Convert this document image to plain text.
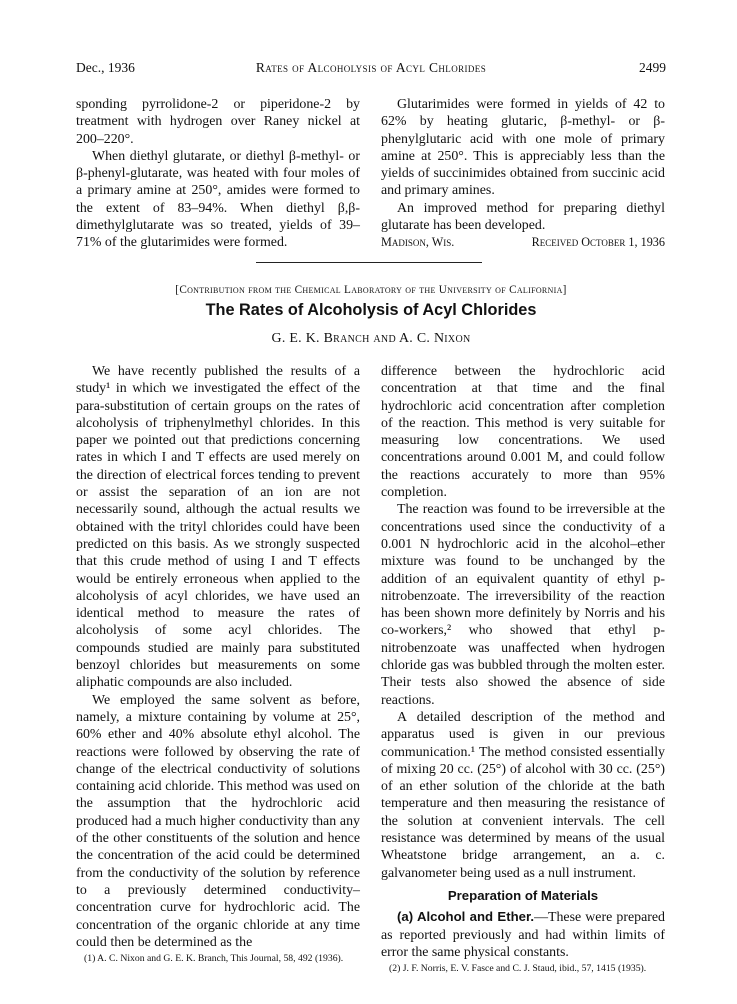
Dec., 1936	Rates of Alcoholysis of Acyl Chlorides	2499

sponding pyrrolidone-2 or piperidone-2 by treatment with hydrogen over Raney nickel at 200–220°.

When diethyl glutarate, or diethyl β-methyl- or β-phenyl-glutarate, was heated with four moles of a primary amine at 250°, amides were formed to the extent of 83–94%. When diethyl β,β-dimethylglutarate was so treated, yields of 39–71% of the glutarimides were formed.

Glutarimides were formed in yields of 42 to 62% by heating glutaric, β-methyl- or β-phenylglutaric acid with one mole of primary amine at 250°. This is appreciably less than the yields of succinimides obtained from succinic acid and primary amines.

An improved method for preparing diethyl glutarate has been developed.

Madison, Wis.	Received October 1, 1936
[Contribution from the Chemical Laboratory of the University of California]
The Rates of Alcoholysis of Acyl Chlorides
G. E. K. Branch and A. C. Nixon

We have recently published the results of a study¹ in which we investigated the effect of the para-substitution of certain groups on the rates of alcoholysis of triphenylmethyl chlorides. In this paper we pointed out that predictions concerning rates in which I and T effects are used merely on the direction of electrical forces tending to prevent or assist the separation of an ion are not necessarily sound, although the actual results we obtained with the trityl chlorides could have been predicted on this basis. As we strongly suspected that this crude method of using I and T effects would be entirely erroneous when applied to the alcoholysis of acyl chlorides, we have used an identical method to measure the rates of alcoholysis of some acyl chlorides. The compounds studied are mainly para substituted benzoyl chlorides but measurements on some aliphatic compounds are also included.

We employed the same solvent as before, namely, a mixture containing by volume at 25°, 60% ether and 40% absolute ethyl alcohol. The reactions were followed by observing the rate of change of the electrical conductivity of solutions containing acid chloride. This method was used on the assumption that the hydrochloric acid produced had a much higher conductivity than any of the other constituents of the solution and hence the concentration of the acid could be determined from the conductivity of the solution by reference to a previously determined conductivity–concentration curve for hydrochloric acid. The concentration of the organic chloride at any time could then be determined as the

(1) A. C. Nixon and G. E. K. Branch, This Journal, 58, 492 (1936).

difference between the hydrochloric acid concentration at that time and the final hydrochloric acid concentration after completion of the reaction. This method is very suitable for measuring low concentrations. We used concentrations around 0.001 M, and could follow the reactions accurately to more than 95% completion.

The reaction was found to be irreversible at the concentrations used since the conductivity of a 0.001 N hydrochloric acid in the alcohol–ether mixture was found to be unchanged by the addition of an equivalent quantity of ethyl p-nitrobenzoate. The irreversibility of the reaction has been shown more definitely by Norris and his co-workers,² who showed that ethyl p-nitrobenzoate was unaffected when hydrogen chloride gas was bubbled through the molten ester. Their tests also showed the absence of side reactions.

A detailed description of the method and apparatus used is given in our previous communication.¹ The method consisted essentially of mixing 20 cc. (25°) of alcohol with 30 cc. (25°) of an ether solution of the chloride at the bath temperature and then measuring the resistance of the solution at convenient intervals. The cell resistance was determined by means of the usual Wheatstone bridge arrangement, an a. c. galvanometer being used as a null instrument.

Preparation of Materials

(a) Alcohol and Ether.—These were prepared as reported previously and had within limits of error the same physical constants.

(2) J. F. Norris, E. V. Fasce and C. J. Staud, ibid., 57, 1415 (1935).
